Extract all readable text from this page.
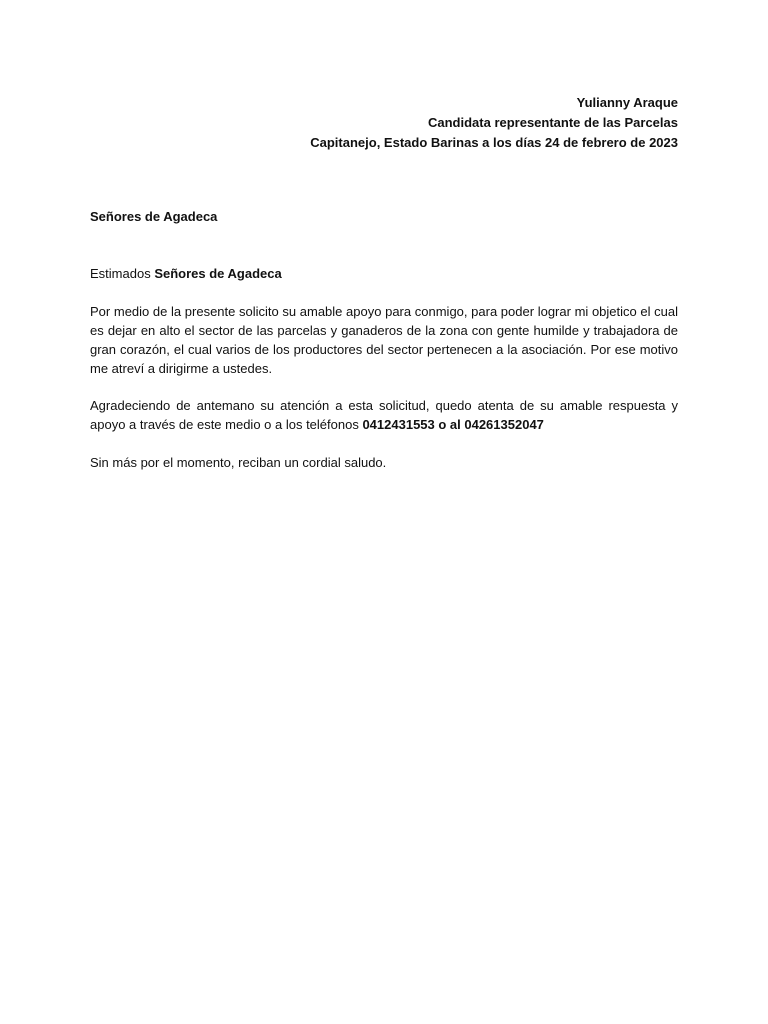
Yulianny Araque
Candidata representante de las Parcelas
Capitanejo, Estado Barinas a los días 24 de febrero de 2023
Señores de Agadeca
Estimados Señores de Agadeca
Por medio de la presente solicito su amable apoyo para conmigo, para poder lograr mi objetico el cual es dejar en alto el sector de las parcelas y ganaderos de la zona con gente humilde y trabajadora de gran corazón, el cual varios de los productores del sector pertenecen a la asociación. Por ese motivo me atreví a dirigirme a ustedes.
Agradeciendo de antemano su atención a esta solicitud, quedo atenta de su amable respuesta y apoyo a través de este medio o a los teléfonos 0412431553 o al 04261352047
Sin más por el momento, reciban un cordial saludo.
